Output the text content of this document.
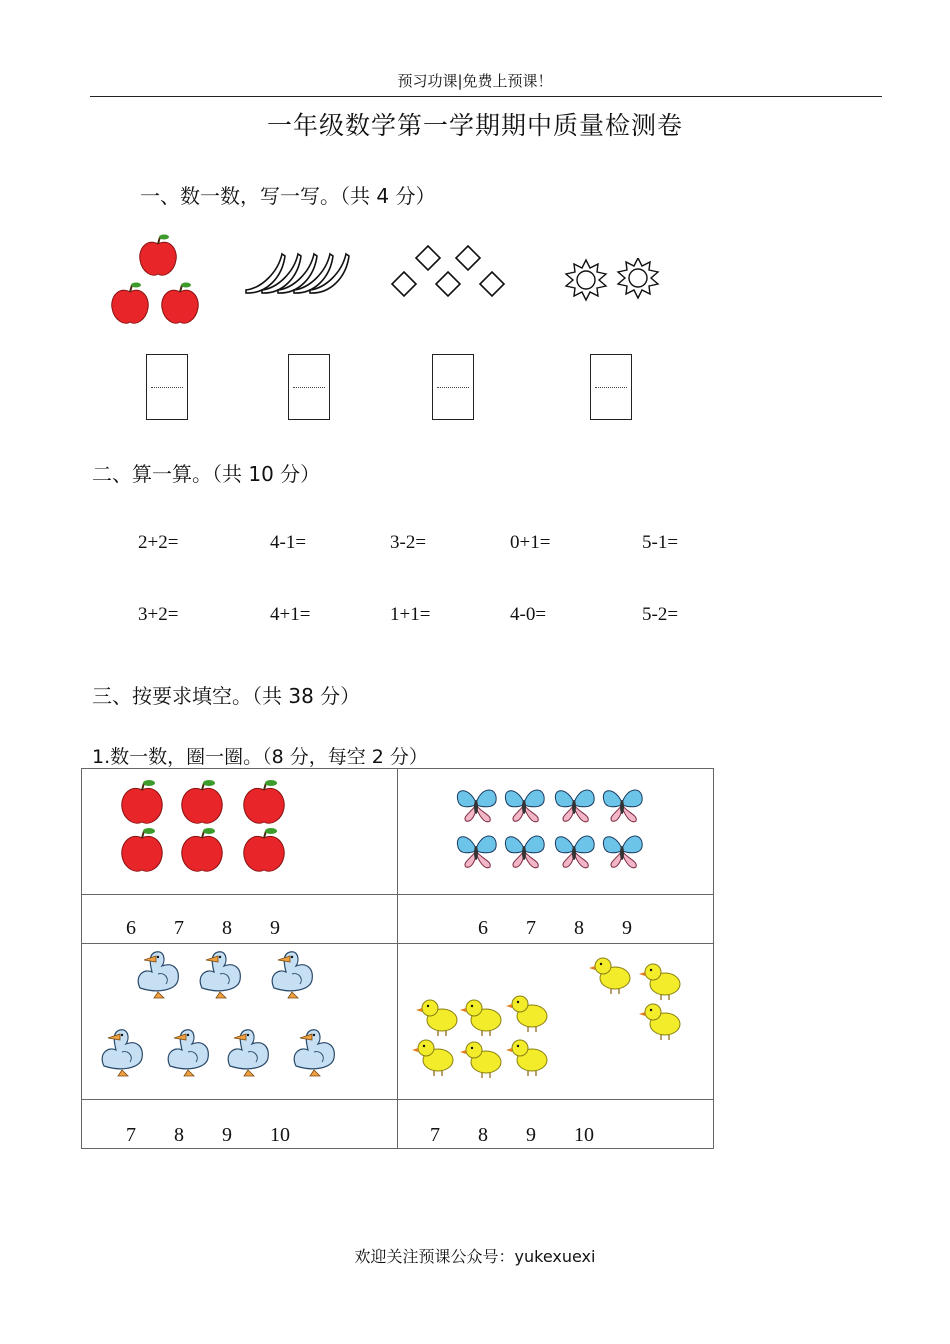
预习功课|免费上预课！
一年级数学第一学期期中质量检测卷
一、数一数，写一写。（共 4 分）
二、算一算。（共 10 分）
2+2=	4-1=	3-2=	0+1=	5-1=
3+2=	4+1=	1+1=	4-0=	5-2=
三、按要求填空。（共 38 分）
1.数一数，圈一圈。（8 分，每空 2 分）

6 7 8 9	6 7 8 9

7 8 9 10	7 8 9 10
欢迎关注预课公众号：yukexuexi
